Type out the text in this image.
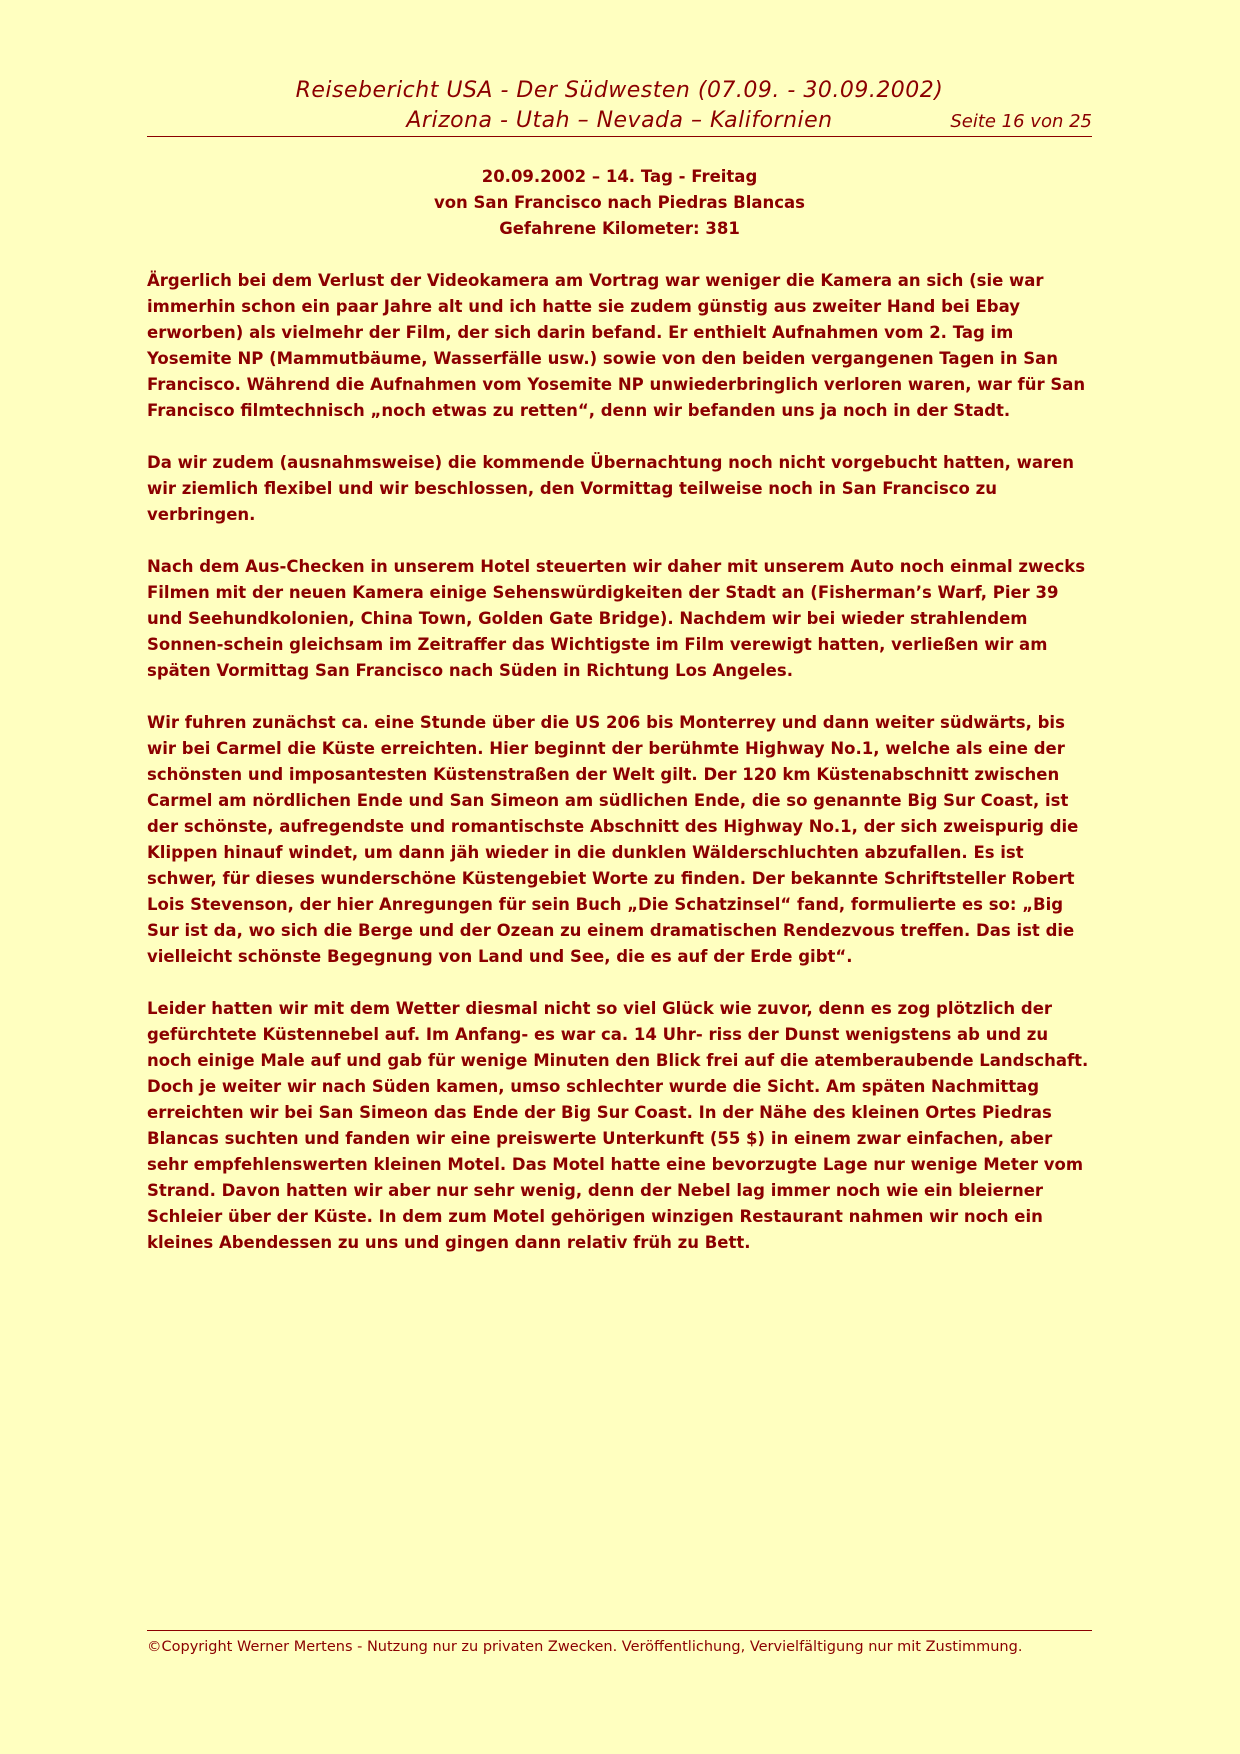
Reisebericht USA - Der Südwesten (07.09. - 30.09.2002)
Arizona - Utah – Nevada – Kalifornien	Seite 16 von 25
20.09.2002 – 14. Tag - Freitag
von San Francisco nach Piedras Blancas
Gefahrene Kilometer: 381

Ärgerlich bei dem Verlust der Videokamera am Vortrag war weniger die Kamera an sich (sie war immerhin schon ein paar Jahre alt und ich hatte sie zudem günstig aus zweiter Hand bei Ebay erworben) als vielmehr der Film, der sich darin befand. Er enthielt Aufnahmen vom 2. Tag im Yosemite NP (Mammutbäume, Wasserfälle usw.) sowie von den beiden vergangenen Tagen in San Francisco. Während die Aufnahmen vom Yosemite NP unwiederbringlich verloren waren, war für San Francisco filmtechnisch „noch etwas zu retten“, denn wir befanden uns ja noch in der Stadt.

Da wir zudem (ausnahmsweise) die kommende Übernachtung noch nicht vorgebucht hatten, waren wir ziemlich flexibel und wir beschlossen, den Vormittag teilweise noch in San Francisco zu verbringen.

Nach dem Aus-Checken in unserem Hotel steuerten wir daher mit unserem Auto noch einmal zwecks Filmen mit der neuen Kamera einige Sehenswürdigkeiten der Stadt an (Fisherman’s Warf, Pier 39 und Seehundkolonien, China Town, Golden Gate Bridge). Nachdem wir bei wieder strahlendem Sonnen-schein gleichsam im Zeitraffer das Wichtigste im Film verewigt hatten, verließen wir am späten Vormittag San Francisco nach Süden in Richtung Los Angeles.

Wir fuhren zunächst ca. eine Stunde über die US 206 bis Monterrey und dann weiter südwärts, bis wir bei Carmel die Küste erreichten. Hier beginnt der berühmte Highway No.1, welche als eine der schönsten und imposantesten Küstenstraßen der Welt gilt. Der 120 km Küstenabschnitt zwischen Carmel am nördlichen Ende und San Simeon am südlichen Ende, die so genannte Big Sur Coast, ist der schönste, aufregendste und romantischste Abschnitt des Highway No.1, der sich zweispurig die Klippen hinauf windet, um dann jäh wieder in die dunklen Wälderschluchten abzufallen. Es ist schwer, für dieses wunderschöne Küstengebiet Worte zu finden. Der bekannte Schriftsteller Robert Lois Stevenson, der hier Anregungen für sein Buch „Die Schatzinsel“ fand, formulierte es so: „Big Sur ist da, wo sich die Berge und der Ozean zu einem dramatischen Rendezvous treffen. Das ist die vielleicht schönste Begegnung von Land und See, die es auf der Erde gibt“.

Leider hatten wir mit dem Wetter diesmal nicht so viel Glück wie zuvor, denn es zog plötzlich der gefürchtete Küstennebel auf. Im Anfang- es war ca. 14 Uhr- riss der Dunst wenigstens ab und zu noch einige Male auf und gab für wenige Minuten den Blick frei auf die atemberaubende Landschaft. Doch je weiter wir nach Süden kamen, umso schlechter wurde die Sicht. Am späten Nachmittag erreichten wir bei San Simeon das Ende der Big Sur Coast. In der Nähe des kleinen Ortes Piedras Blancas suchten und fanden wir eine preiswerte Unterkunft (55 $) in einem zwar einfachen, aber sehr empfehlenswerten kleinen Motel. Das Motel hatte eine bevorzugte Lage nur wenige Meter vom Strand. Davon hatten wir aber nur sehr wenig, denn der Nebel lag immer noch wie ein bleierner Schleier über der Küste. In dem zum Motel gehörigen winzigen Restaurant nahmen wir noch ein kleines Abendessen zu uns und gingen dann relativ früh zu Bett.

©Copyright Werner Mertens - Nutzung nur zu privaten Zwecken. Veröffentlichung, Vervielfältigung nur mit Zustimmung.
